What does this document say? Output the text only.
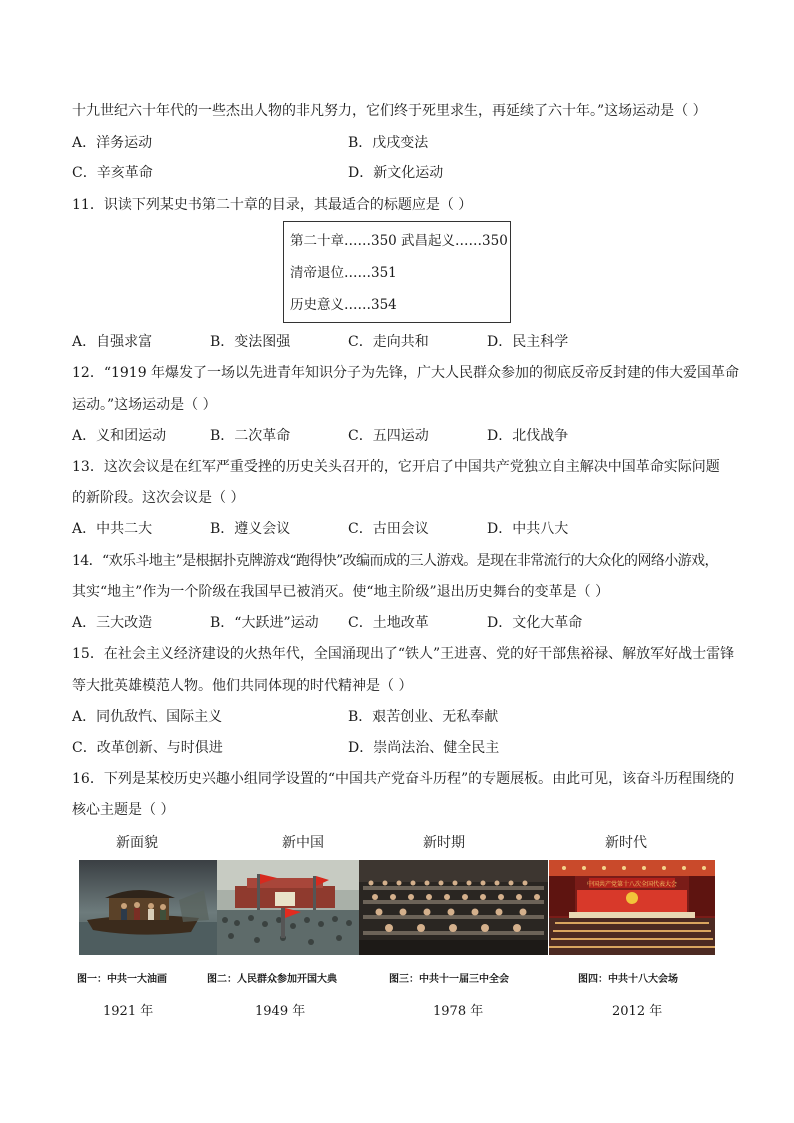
十九世纪六十年代的一些杰出人物的非凡努力，它们终于死里求生，再延续了六十年。”这场运动是（ ）
A．洋务运动	B．戊戌变法
C．辛亥革命	D．新文化运动
11．识读下列某史书第二十章的目录，其最适合的标题应是（ ）
第二十章……350 武昌起义……350
清帝退位……351
历史意义……354
A．自强求富	B．变法图强	C．走向共和	D．民主科学
12．“1919 年爆发了一场以先进青年知识分子为先锋，广大人民群众参加的彻底反帝反封建的伟大爱国革命
运动。”这场运动是（ ）
A．义和团运动	B．二次革命	C．五四运动	D．北伐战争
13．这次会议是在红军严重受挫的历史关头召开的，它开启了中国共产党独立自主解决中国革命实际问题
的新阶段。这次会议是（ ）
A．中共二大	B．遵义会议	C．古田会议	D．中共八大
14．“欢乐斗地主”是根据扑克牌游戏“跑得快”改编而成的三人游戏。是现在非常流行的大众化的网络小游戏，
其实“地主”作为一个阶级在我国早已被消灭。使“地主阶级”退出历史舞台的变革是（ ）
A．三大改造	B．“大跃进”运动 C．土地改革	D．文化大革命
15．在社会主义经济建设的火热年代，全国涌现出了“铁人”王进喜、党的好干部焦裕禄、解放军好战士雷锋
等大批英雄模范人物。他们共同体现的时代精神是（ ）
A．同仇敌忾、国际主义	B．艰苦创业、无私奉献
C．改革创新、与时俱进	D．崇尚法治、健全民主
16．下列是某校历史兴趣小组同学设置的“中国共产党奋斗历程”的专题展板。由此可见，该奋斗历程围绕的
核心主题是（ ）
新面貌	新中国	新时期	新时代
中国共产党第十八次全国代表大会
图一：中共一大油画	图二：人民群众参加开国大典	图三：中共十一届三中全会	图四：中共十八大会场
1921 年	1949 年	1978 年	2012 年
